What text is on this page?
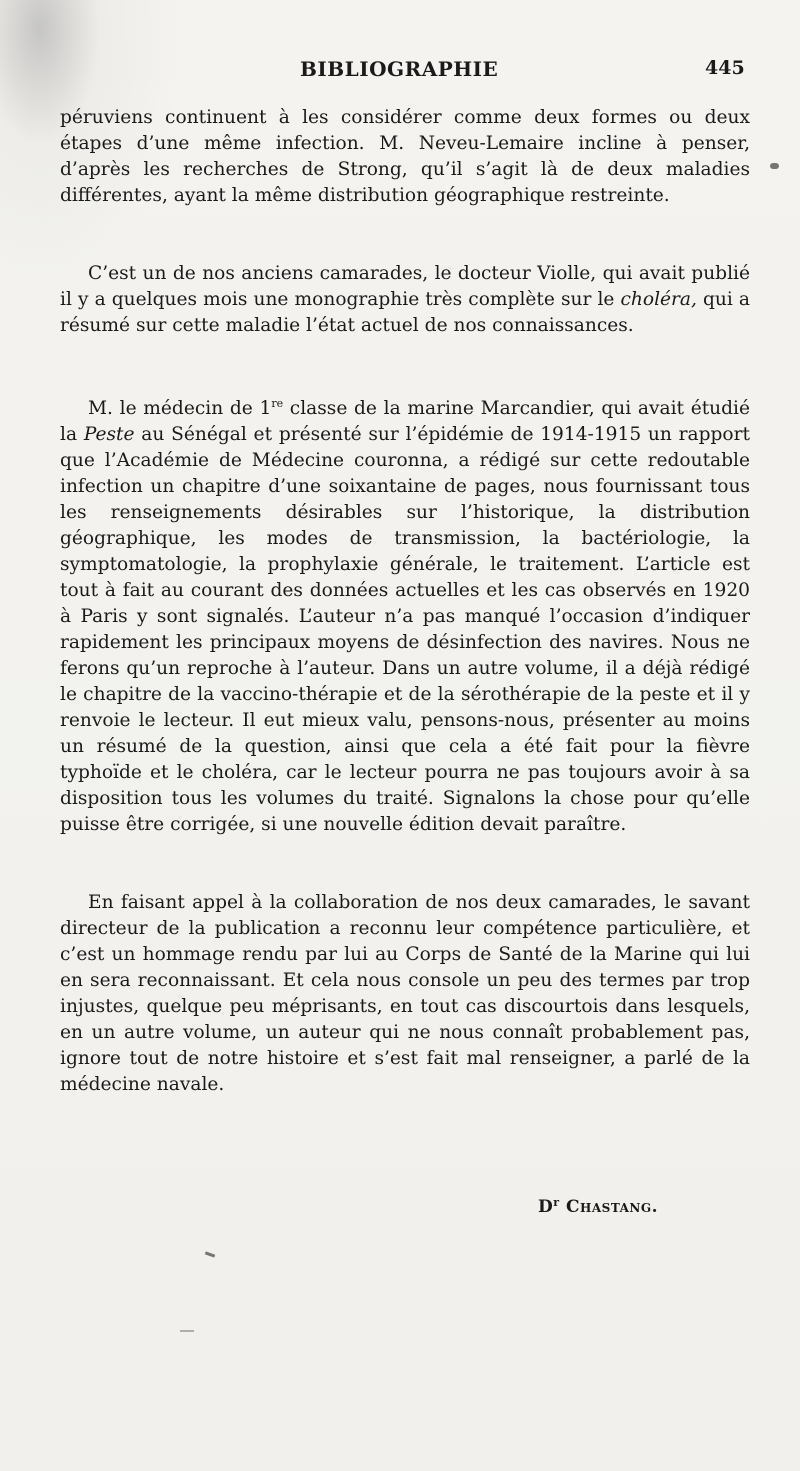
BIBLIOGRAPHIE	445

péruviens continuent à les considérer comme deux formes ou deux étapes d’une même infection. M. Neveu-Lemaire incline à penser, d’après les recherches de Strong, qu’il s’agit là de deux maladies différentes, ayant la même distribution géographique restreinte.

C’est un de nos anciens camarades, le docteur Violle, qui avait publié il y a quelques mois une monographie très complète sur le choléra, qui a résumé sur cette maladie l’état actuel de nos connaissances.

M. le médecin de 1re classe de la marine Marcandier, qui avait étudié la Peste au Sénégal et présenté sur l’épidémie de 1914-1915 un rapport que l’Académie de Médecine couronna, a rédigé sur cette redoutable infection un chapitre d’une soixantaine de pages, nous fournissant tous les renseignements désirables sur l’historique, la distribution géographique, les modes de transmission, la bactériologie, la symptomatologie, la prophylaxie générale, le traitement. L’article est tout à fait au courant des données actuelles et les cas observés en 1920 à Paris y sont signalés. L’auteur n’a pas manqué l’occasion d’indiquer rapidement les principaux moyens de désinfection des navires. Nous ne ferons qu’un reproche à l’auteur. Dans un autre volume, il a déjà rédigé le chapitre de la vaccino-thérapie et de la sérothérapie de la peste et il y renvoie le lecteur. Il eut mieux valu, pensons-nous, présenter au moins un résumé de la question, ainsi que cela a été fait pour la fièvre typhoïde et le choléra, car le lecteur pourra ne pas toujours avoir à sa disposition tous les volumes du traité. Signalons la chose pour qu’elle puisse être corrigée, si une nouvelle édition devait paraître.

En faisant appel à la collaboration de nos deux camarades, le savant directeur de la publication a reconnu leur compétence particulière, et c’est un hommage rendu par lui au Corps de Santé de la Marine qui lui en sera reconnaissant. Et cela nous console un peu des termes par trop injustes, quelque peu méprisants, en tout cas discourtois dans lesquels, en un autre volume, un auteur qui ne nous connaît probablement pas, ignore tout de notre histoire et s’est fait mal renseigner, a parlé de la médecine navale.

$D^r$ Chastang.
